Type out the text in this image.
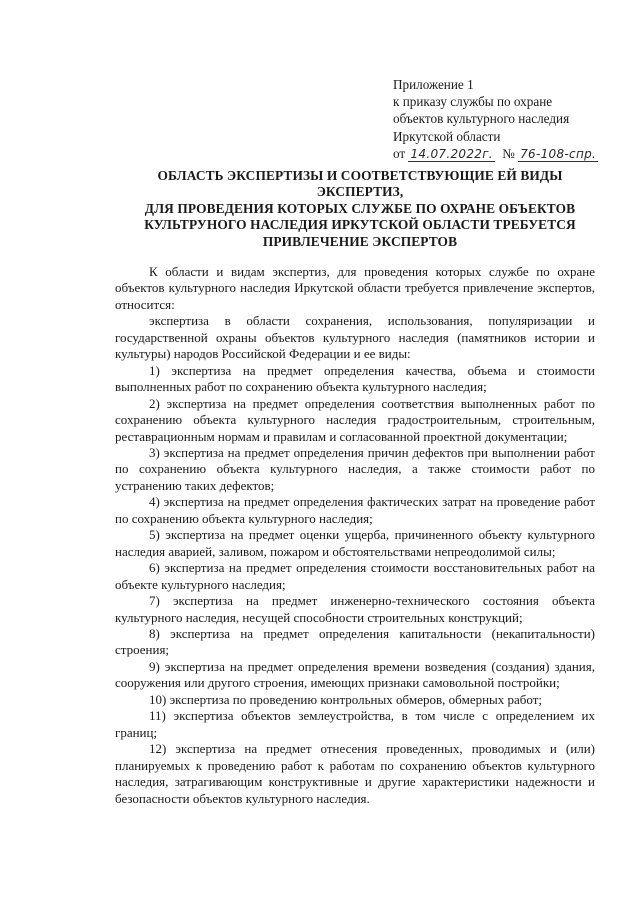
Приложение 1
к приказу службы по охране
объектов культурного наследия
Иркутской области
от 14.07.2022г. № 76-108-спр.
ОБЛАСТЬ ЭКСПЕРТИЗЫ И СООТВЕТСТВУЮЩИЕ ЕЙ ВИДЫ
ЭКСПЕРТИЗ,
ДЛЯ ПРОВЕДЕНИЯ КОТОРЫХ СЛУЖБЕ ПО ОХРАНЕ ОБЪЕКТОВ
КУЛЬТРУНОГО НАСЛЕДИЯ ИРКУТСКОЙ ОБЛАСТИ ТРЕБУЕТСЯ
ПРИВЛЕЧЕНИЕ ЭКСПЕРТОВ

К области и видам экспертиз, для проведения которых службе по охране объектов культурного наследия Иркутской области требуется привлечение экспертов, относится:

экспертиза в области сохранения, использования, популяризации и государственной охраны объектов культурного наследия (памятников истории и культуры) народов Российской Федерации и ее виды:

1) экспертиза на предмет определения качества, объема и стоимости выполненных работ по сохранению объекта культурного наследия;

2) экспертиза на предмет определения соответствия выполненных работ по сохранению объекта культурного наследия градостроительным, строительным, реставрационным нормам и правилам и согласованной проектной документации;

3) экспертиза на предмет определения причин дефектов при выполнении работ по сохранению объекта культурного наследия, а также стоимости работ по устранению таких дефектов;

4) экспертиза на предмет определения фактических затрат на проведение работ по сохранению объекта культурного наследия;

5) экспертиза на предмет оценки ущерба, причиненного объекту культурного наследия аварией, заливом, пожаром и обстоятельствами непреодолимой силы;

6) экспертиза на предмет определения стоимости восстановительных работ на объекте культурного наследия;

7) экспертиза на предмет инженерно-технического состояния объекта культурного наследия, несущей способности строительных конструкций;

8) экспертиза на предмет определения капитальности (некапитальности) строения;

9) экспертиза на предмет определения времени возведения (создания) здания, сооружения или другого строения, имеющих признаки самовольной постройки;

10) экспертиза по проведению контрольных обмеров, обмерных работ;

11) экспертиза объектов землеустройства, в том числе с определением их границ;

12) экспертиза на предмет отнесения проведенных, проводимых и (или) планируемых к проведению работ к работам по сохранению объектов культурного наследия, затрагивающим конструктивные и другие характеристики надежности и безопасности объектов культурного наследия.
